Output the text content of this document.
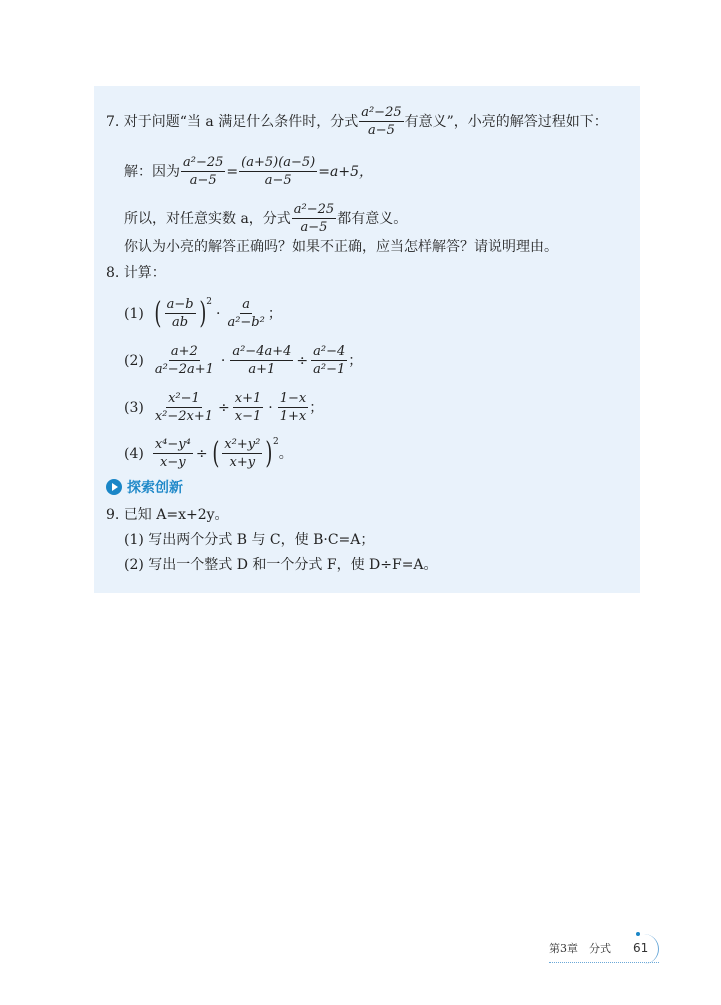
7. 对于问题“当 a 满足什么条件时，分式 $\frac{\text{a²−25}}{a-5}$ 有意义”，小亮的解答过程如下：
解：因为 $\frac{\text{a²−25}}{a-5} = \frac{(a+5)(a-5)}{a-5} =a+5$，
所以，对任意实数 a，分式 $\frac{\text{a²−25}}{a-5}$ 都有意义。
你认为小亮的解答正确吗？如果不正确，应当怎样解答？请说明理由。
8. 计算：
(1) ( $\frac{a-b}{ab}$ ) 2
· $\frac{a}{\text{a²−b²}}$ ；
$(2) \frac{a+2}{\text{a²−2a+1}} \cdot \frac{\text{a²−4a+4}}{a+1} \div \frac{\text{a²−4}}{\text{a²−1}}$ ；
$(3) \frac{\text{x²−1}}{\text{x²−2x+1}} \div \frac{x+1}{x-1} \cdot \frac{1-x}{1+x}$ ；
$(4) \frac{\text{x⁴−y⁴}}{x-y}$ ÷ ( $\frac{\text{x²+y²}}{x+y}$ ) 2
。
探索创新
9. 已知 A=x+2y。
(1) 写出两个分式 B 与 C，使 B·C=A；
(2) 写出一个整式 D 和一个分式 F，使 D÷F=A。
第3章　分式 61
